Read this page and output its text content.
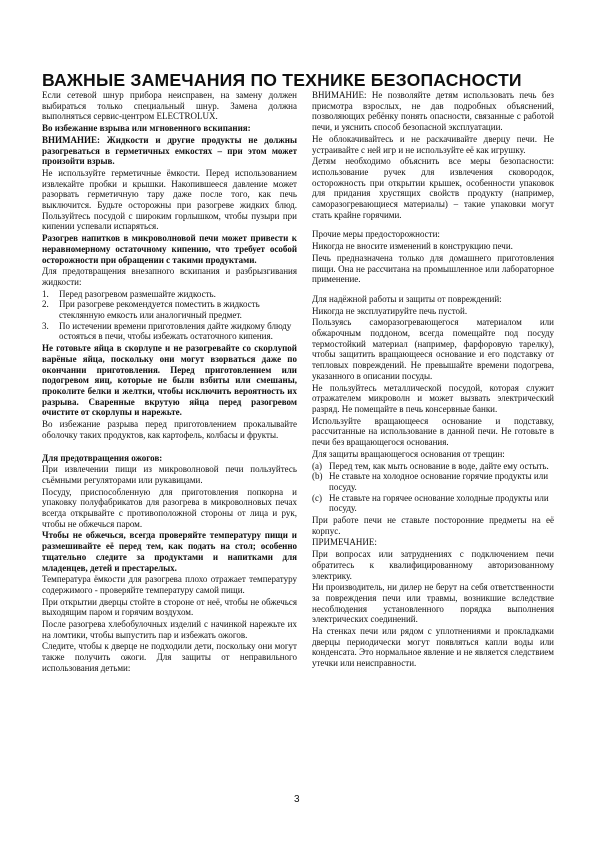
ВАЖНЫЕ ЗАМЕЧАНИЯ ПО ТЕХНИКЕ БЕЗОПАСНОСТИ

Если сетевой шнур прибора неисправен, на замену должен выбираться только специальный шнур. Замена должна выполняться сервис-центром ELECTROLUX.

Во избежание взрыва или мгновенного вскипания:

ВНИМАНИЕ: Жидкости и другие продукты не должны разогреваться в герметичных емкостях – при этом может произойти взрыв.

Не используйте герметичные ёмкости. Перед использованием извлекайте пробки и крышки. Накопившееся давление может разорвать герметичную тару даже после того, как печь выключится. Будьте осторожны при разогреве жидких блюд. Пользуйтесь посудой с широким горлышком, чтобы пузыри при кипении успевали испаряться.

Разогрев напитков в микроволновой печи может привести к неравномерному остаточному кипению, что требует особой осторожности при обращении с такими продуктами.

Для предотвращения внезапного вскипания и разбрызгивания жидкости:

1. Перед разогревом размешайте жидкость.
2. При разогреве рекомендуется поместить в жидкость стеклянную емкость или аналогичный предмет.
3. По истечении времени приготовления дайте жидкому блюду остояться в печи, чтобы избежать остаточного кипения.

Не готовьте яйца в скорлупе и не разогревайте со скорлупой варёные яйца, поскольку они могут взорваться даже по окончании приготовления. Перед приготовлением или подогревом яиц, которые не были взбиты или смешаны, проколите белки и желтки, чтобы исключить вероятность их разрыва. Сваренные вкрутую яйца перед разогревом очистите от скорлупы и нарежьте.

Во избежание разрыва перед приготовлением прокалывайте оболочку таких продуктов, как картофель, колбасы и фрукты.

Для предотвращения ожогов:

При извлечении пищи из микроволновой печи пользуйтесь съёмными регуляторами или рукавицами.

Посуду, приспособленную для приготовления попкорна и упаковку полуфабрикатов для разогрева в микроволновых печах всегда открывайте с противоположной стороны от лица и рук, чтобы не обжечься паром.

Чтобы не обжечься, всегда проверяйте температуру пищи и размешивайте её перед тем, как подать на стол; особенно тщательно следите за продуктами и напитками для младенцев, детей и престарелых.

Температура ёмкости для разогрева плохо отражает температуру содержимого - проверяйте температуру самой пищи.

При открытии дверцы стойте в стороне от неё, чтобы не обжечься выходящим паром и горячим воздухом.

После разогрева хлебобулочных изделий с начинкой нарежьте их на ломтики, чтобы выпустить пар и избежать ожогов.

Следите, чтобы к дверце не подходили дети, поскольку они могут также получить ожоги. Для защиты от неправильного использования детьми:

ВНИМАНИЕ: Не позволяйте детям использовать печь без присмотра взрослых, не дав подробных объяснений, позволяющих ребёнку понять опасности, связанные с работой печи, и уяснить способ безопасной эксплуатации.

Не облокачивайтесь и не раскачивайте дверцу печи. Не устраивайте с ней игр и не используйте её как игрушку.

Детям необходимо объяснить все меры безопасности: использование ручек для извлечения сковородок, осторожность при открытии крышек, особенности упаковок для придания хрустящих свойств продукту (например, саморазогревающиеся материалы) – такие упаковки могут стать крайне горячими.

Прочие меры предосторожности:

Никогда не вносите изменений в конструкцию печи.

Печь предназначена только для домашнего приготовления пищи. Она не рассчитана на промышленное или лабораторное применение.

Для надёжной работы и защиты от повреждений:

Никогда не эксплуатируйте печь пустой.

Пользуясь саморазогревающегося материалом или обжарочным поддоном, всегда помещайте под посуду термостойкий материал (например, фарфоровую тарелку), чтобы защитить вращающееся основание и его подставку от тепловых повреждений. Не превышайте времени подогрева, указанного в описании посуды.

Не пользуйтесь металлической посудой, которая служит отражателем микроволн и может вызвать электрический разряд. Не помещайте в печь консервные банки.

Используйте вращающееся основание и подставку, рассчитанные на использование в данной печи. Не готовьте в печи без вращающегося основания.

Для защиты вращающегося основания от трещин:

(a) Перед тем, как мыть основание в воде, дайте ему остыть.
(b) Не ставьте на холодное основание горячие продукты или посуду.
(c) Не ставьте на горячее основание холодные продукты или посуду.

При работе печи не ставьте посторонние предметы на её корпус.

ПРИМЕЧАНИЕ:

При вопросах или затруднениях с подключением печи обратитесь к квалифицированному авторизованному электрику.

Ни производитель, ни дилер не берут на себя ответственности за повреждения печи или травмы, возникшие вследствие несоблюдения установленного порядка выполнения электрических соединений.

На стенках печи или рядом с уплотнениями и прокладками дверцы периодически могут появляться капли воды или конденсата. Это нормальное явление и не является следствием утечки или неисправности.

3
